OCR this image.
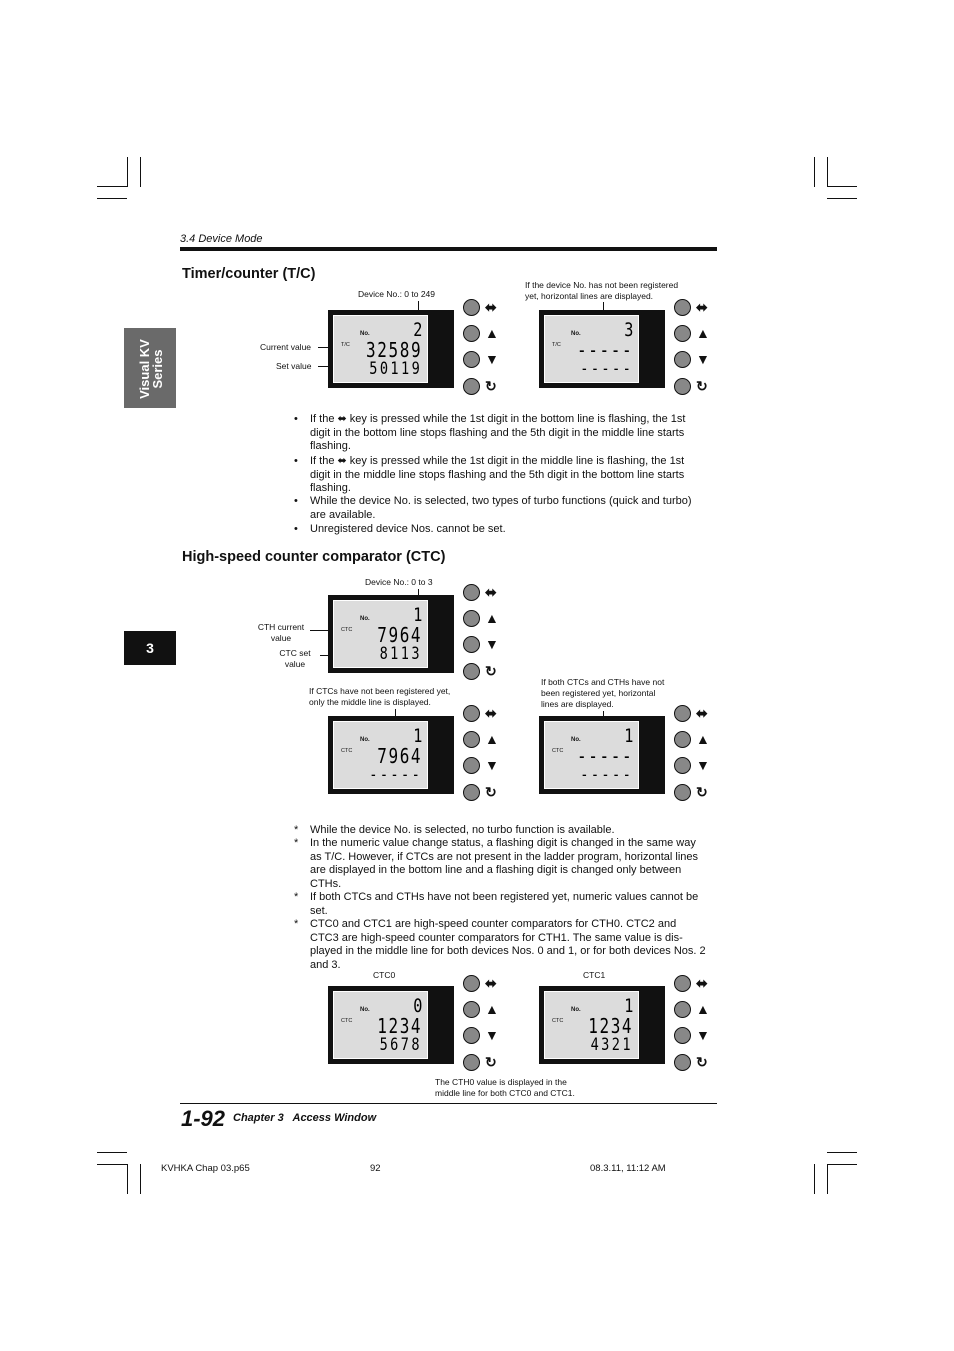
3.4 Device Mode
Visual KV
Series
3
Timer/counter (T/C)
Device No.: 0 to 249
If the device No. has not been registered
yet, horizontal lines are displayed.
Current value
Set value
No.
T/C
2
32589
50119
⬌
▲
▼
↻
No.
T/C
3
-----
-----
⬌
▲
▼
↻
• If the ⬌ key is pressed while the 1st digit in the bottom line is flashing, the 1st
digit in the bottom line stops flashing and the 5th digit in the middle line starts
flashing.
• If the ⬌ key is pressed while the 1st digit in the middle line is flashing, the 1st
digit in the middle line stops flashing and the 5th digit in the bottom line starts
flashing.
• While the device No. is selected, two types of turbo functions (quick and turbo)
are available.
• Unregistered device Nos. cannot be set.
High-speed counter comparator (CTC)
Device No.: 0 to 3
CTH current
value
CTC set
value
No.
CTC
1
7964
8113
⬌
▲
▼
↻
If CTCs have not been registered yet,
only the middle line is displayed.
If both CTCs and CTHs have not
been registered yet, horizontal
lines are displayed.
No.
CTC
1
7964
-----
⬌
▲
▼
↻
No.
CTC
1
-----
-----
⬌
▲
▼
↻
* While the device No. is selected, no turbo function is available.
* In the numeric value change status, a flashing digit is changed in the same way
as T/C. However, if CTCs are not present in the ladder program, horizontal lines
are displayed in the bottom line and a flashing digit is changed only between
CTHs.
* If both CTCs and CTHs have not been registered yet, numeric values cannot be
set.
* CTC0 and CTC1 are high-speed counter comparators for CTH0. CTC2 and
CTC3 are high-speed counter comparators for CTH1. The same value is dis-
played in the middle line for both devices Nos. 0 and 1, or for both devices Nos. 2
and 3.
CTC0	CTC1
No.
CTC
0
1234
5678
⬌
▲
▼
↻
No.
CTC
1
1234
4321
⬌
▲
▼
↻
The CTH0 value is displayed in the
middle line for both CTC0 and CTC1.
1-92 Chapter 3   Access Window
KVHKA Chap 03.p65	92	08.3.11, 11:12 AM
